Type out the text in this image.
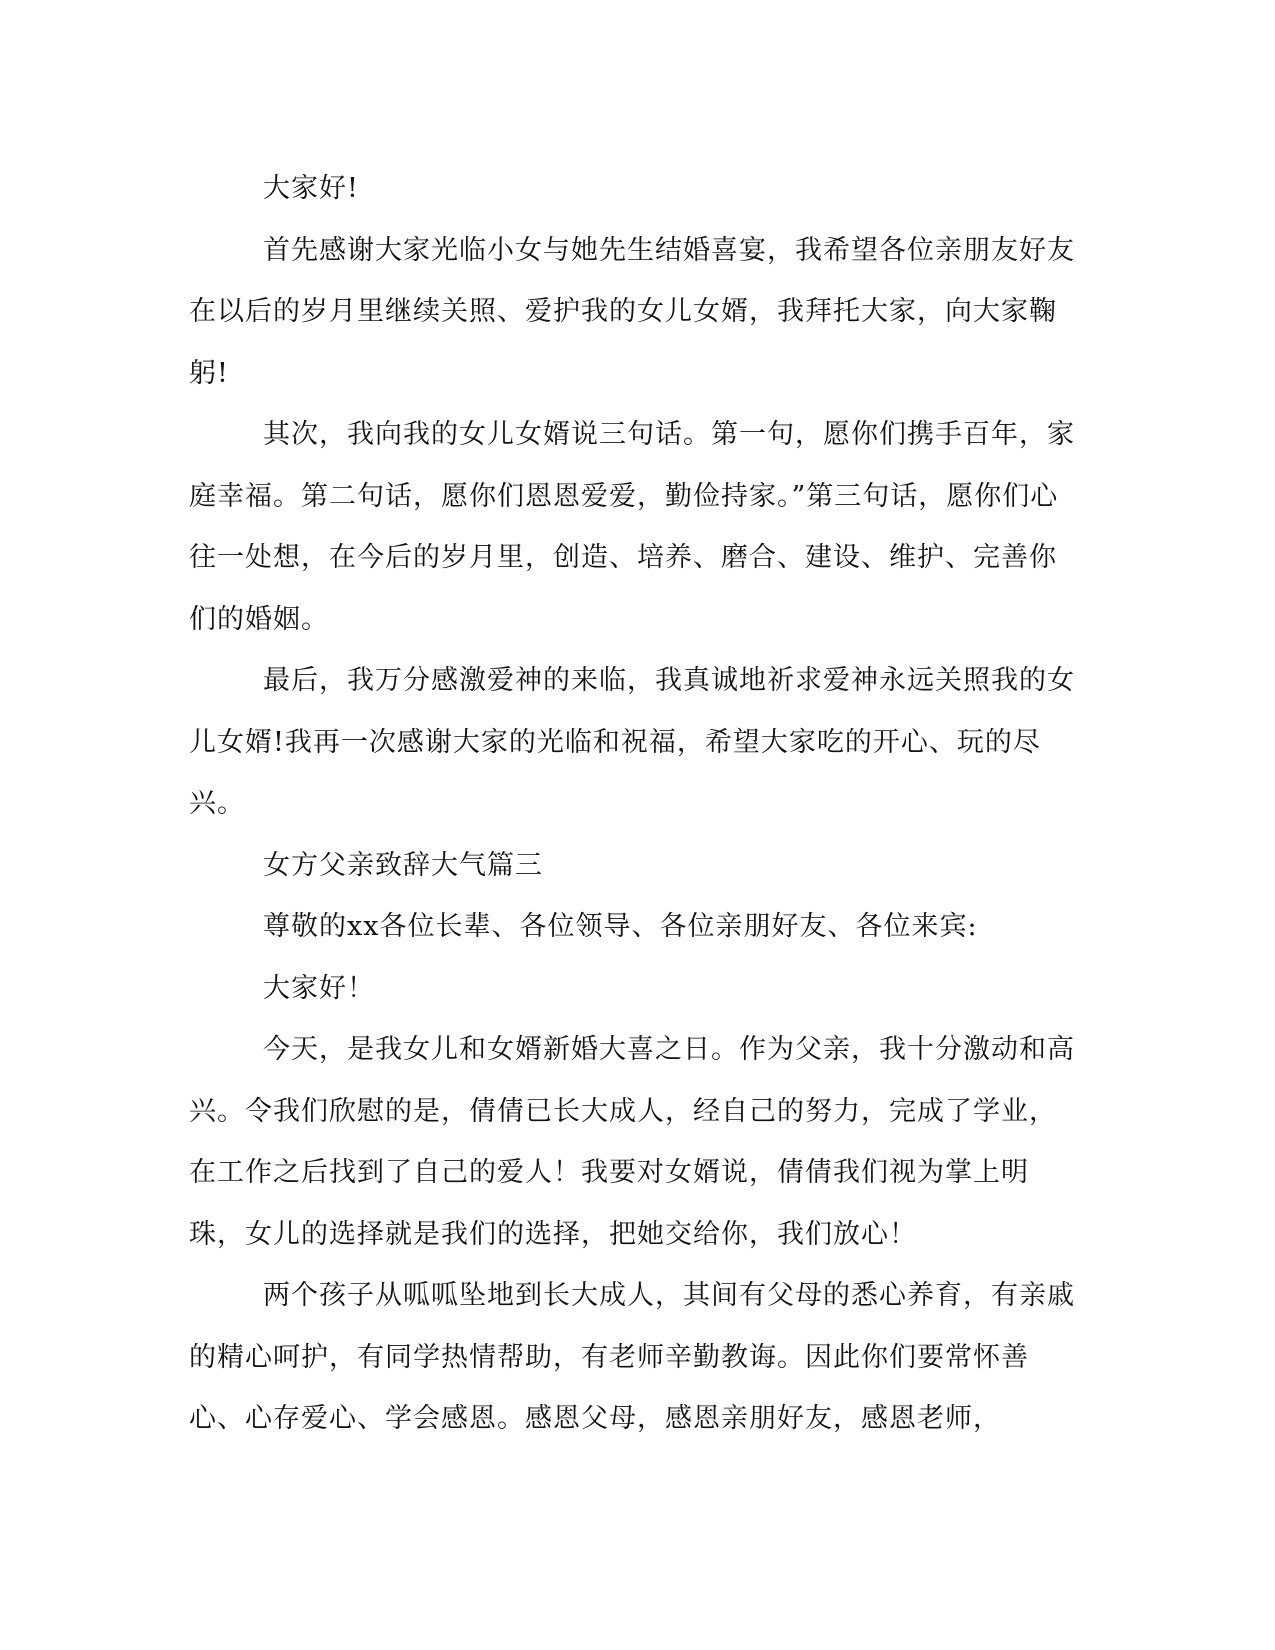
大家好!

首先感谢大家光临小女与她先生结婚喜宴，我希望各位亲朋友好友在以后的岁月里继续关照、爱护我的女儿女婿，我拜托大家，向大家鞠躬!

其次，我向我的女儿女婿说三句话。第一句，愿你们携手百年，家庭幸福。第二句话，愿你们恩恩爱爱，勤俭持家。”第三句话，愿你们心往一处想，在今后的岁月里，创造、培养、磨合、建设、维护、完善你们的婚姻。

最后，我万分感激爱神的来临，我真诚地祈求爱神永远关照我的女儿女婿!我再一次感谢大家的光临和祝福，希望大家吃的开心、玩的尽兴。

女方父亲致辞大气篇三

尊敬的xx各位长辈、各位领导、各位亲朋好友、各位来宾:

大家好！

今天，是我女儿和女婿新婚大喜之日。作为父亲，我十分激动和高兴。令我们欣慰的是，倩倩已长大成人，经自己的努力，完成了学业，在工作之后找到了自己的爱人！我要对女婿说，倩倩我们视为掌上明珠，女儿的选择就是我们的选择，把她交给你，我们放心！

两个孩子从呱呱坠地到长大成人，其间有父母的悉心养育，有亲戚的精心呵护，有同学热情帮助，有老师辛勤教诲。因此你们要常怀善心、心存爱心、学会感恩。感恩父母，感恩亲朋好友，感恩老师，
